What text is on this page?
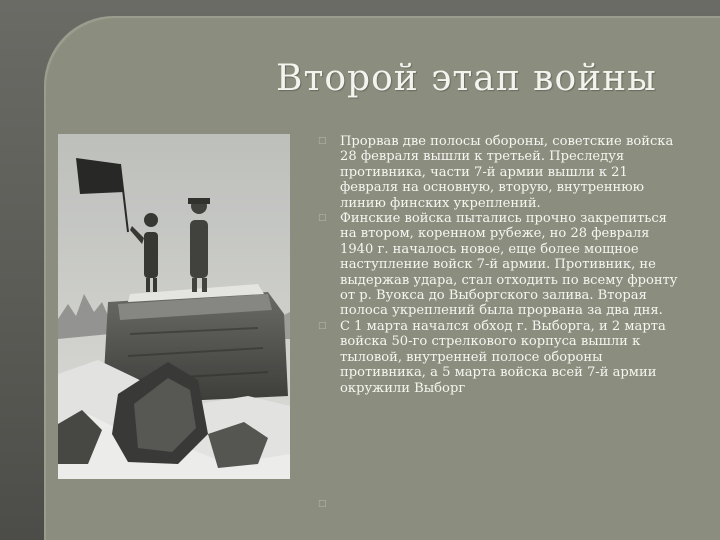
Второй этап войны
□ Прорвав две полосы обороны, советские войска 28 февраля вышли к третьей. Преследуя противника, части 7-й армии вышли к 21 февраля на основную, вторую, внутреннюю линию финских укреплений.
□ Финские войска пытались прочно закрепиться на втором, коренном рубеже, но 28 февраля 1940 г. началось новое, еще более мощное наступление войск 7-й армии. Противник, не выдержав удара, стал отходить по всему фронту от р. Вуокса до Выборгского залива. Вторая полоса укреплений была прорвана за два дня.
□ С 1 марта начался обход г. Выборга, и 2 марта войска 50-го стрелкового корпуса вышли к тыловой, внутренней полосе обороны противника, а 5 марта войска всей 7-й армии окружили Выборг
□
